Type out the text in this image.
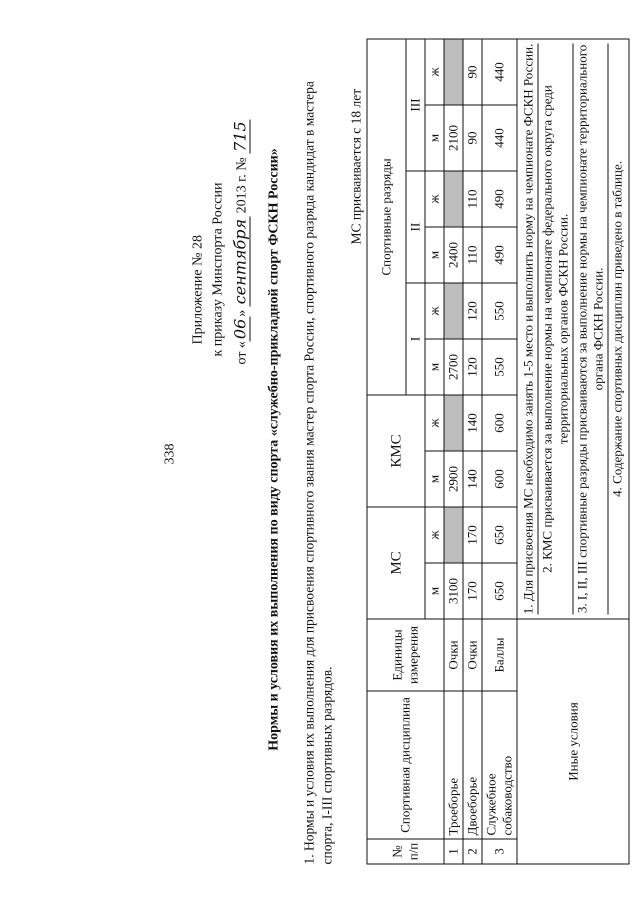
338
Приложение № 28 к приказу Минспорта России от «06» сентября 2013 г. № 715
Нормы и условия их выполнения по виду спорта «служебно-прикладной спорт ФСКН России» 1. Нормы и условия их выполнения для присвоения спортивного звания мастер спорта России, спортивного разряда кандидат в мастера спорта, I-III спортивных разрядов.
МС присваивается с 18 лет
№ п/п	Спортивная дисциплина	Единицы измерения	МС		КМС		Спортивные разряды					
							I		II		III	
			м	ж	м	ж	м	ж	м	ж	м	ж
1	Троеборье	Очки	3100		2900		2700		2400		2100	
2	Двоеборье	Очки	170	170	140	140	120	120	110	110	90	90
3	Служебное собаководство	Баллы	650	650	600	600	550	550	490	490	440	440
Иные условия			1. Для присвоения МС необходимо занять 1-5 место и выполнить норму на чемпионате ФСКН России. 2. КМС присваивается за выполнение нормы на чемпионате федерального округа среди территориальных органов ФСКН России. 3. I, II, III спортивные разряды присваиваются за выполнение нормы на чемпионате территориального органа ФСКН России. 4. Содержание спортивных дисциплин приведено в таблице.									
